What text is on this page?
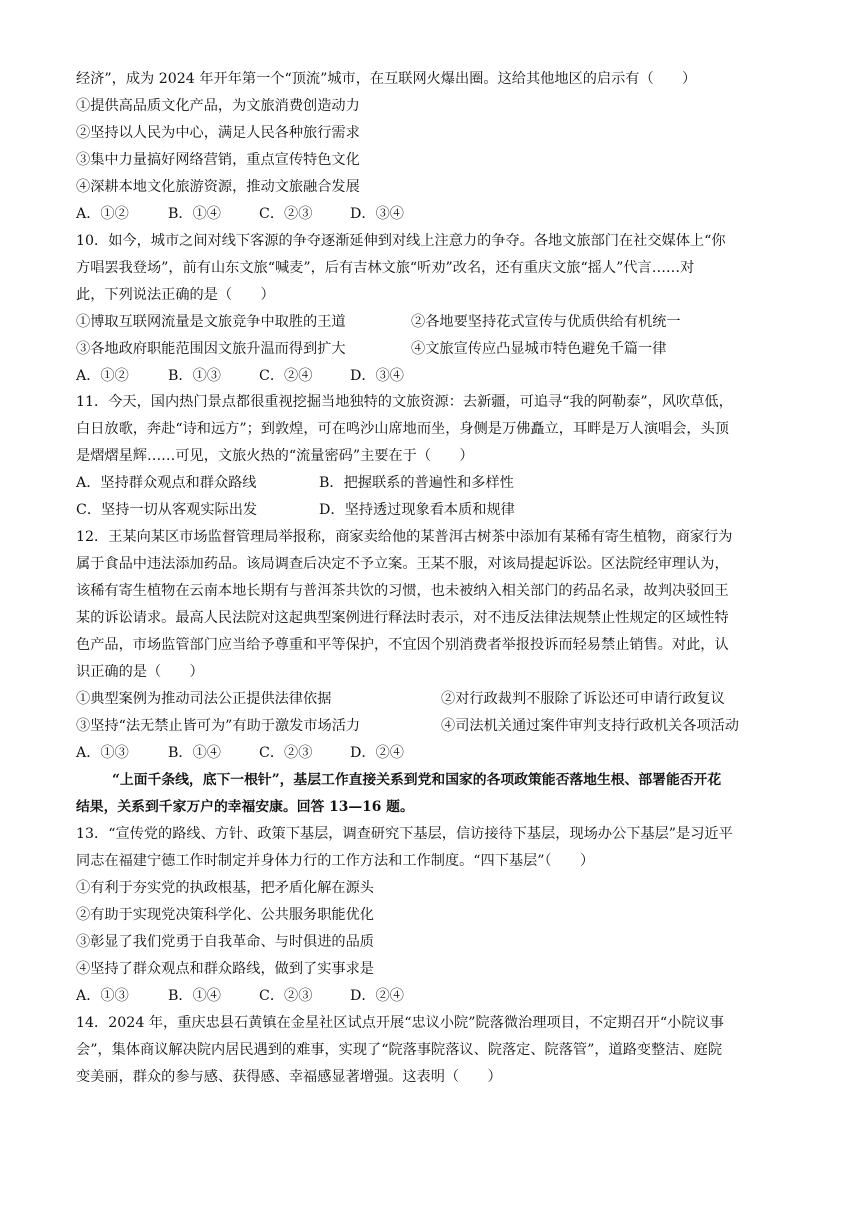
经济”，成为 2024 年开年第一个“顶流”城市，在互联网火爆出圈。这给其他地区的启示有（　　）
①提供高品质文化产品，为文旅消费创造动力
②坚持以人民为中心，满足人民各种旅行需求
③集中力量搞好网络营销，重点宣传特色文化
④深耕本地文化旅游资源，推动文旅融合发展
A．①②	B．①④	C．②③	D．③④
10．如今，城市之间对线下客源的争夺逐渐延伸到对线上注意力的争夺。各地文旅部门在社交媒体上“你
方唱罢我登场”，前有山东文旅“喊麦”，后有吉林文旅“听劝”改名，还有重庆文旅“摇人”代言……对
此，下列说法正确的是（　　）
①博取互联网流量是文旅竞争中取胜的王道	②各地要坚持花式宣传与优质供给有机统一
③各地政府职能范围因文旅升温而得到扩大	④文旅宣传应凸显城市特色避免千篇一律
A．①②	B．①③	C．②④	D．③④
11．今天，国内热门景点都很重视挖掘当地独特的文旅资源：去新疆，可追寻“我的阿勒泰”，风吹草低，
白日放歌，奔赴“诗和远方”；到敦煌，可在鸣沙山席地而坐，身侧是万佛矗立，耳畔是万人演唱会，头顶
是熠熠星辉……可见，文旅火热的“流量密码”主要在于（　　）
A．坚持群众观点和群众路线	B．把握联系的普遍性和多样性
C．坚持一切从客观实际出发	D．坚持透过现象看本质和规律
12．王某向某区市场监督管理局举报称，商家卖给他的某普洱古树茶中添加有某稀有寄生植物，商家行为
属于食品中违法添加药品。该局调查后决定不予立案。王某不服，对该局提起诉讼。区法院经审理认为，
该稀有寄生植物在云南本地长期有与普洱茶共饮的习惯，也未被纳入相关部门的药品名录，故判决驳回王
某的诉讼请求。最高人民法院对这起典型案例进行释法时表示，对不违反法律法规禁止性规定的区域性特
色产品，市场监管部门应当给予尊重和平等保护，不宜因个别消费者举报投诉而轻易禁止销售。对此，认
识正确的是（　　）
①典型案例为推动司法公正提供法律依据	②对行政裁判不服除了诉讼还可申请行政复议
③坚持“法无禁止皆可为”有助于激发市场活力	④司法机关通过案件审判支持行政机关各项活动
A．①③	B．①④	C．②③	D．②④
“上面千条线，底下一根针”，基层工作直接关系到党和国家的各项政策能否落地生根、部署能否开花
结果，关系到千家万户的幸福安康。回答 13—16 题。
13．“宣传党的路线、方针、政策下基层，调查研究下基层，信访接待下基层，现场办公下基层”是习近平
同志在福建宁德工作时制定并身体力行的工作方法和工作制度。“四下基层”（　　）
①有利于夯实党的执政根基，把矛盾化解在源头
②有助于实现党决策科学化、公共服务职能优化
③彰显了我们党勇于自我革命、与时俱进的品质
④坚持了群众观点和群众路线，做到了实事求是
A．①③	B．①④	C．②③	D．②④
14．2024 年，重庆忠县石黄镇在金星社区试点开展“忠议小院”院落微治理项目，不定期召开“小院议事
会”，集体商议解决院内居民遇到的难事，实现了“院落事院落议、院落定、院落管”，道路变整洁、庭院
变美丽，群众的参与感、获得感、幸福感显著增强。这表明（　　）
